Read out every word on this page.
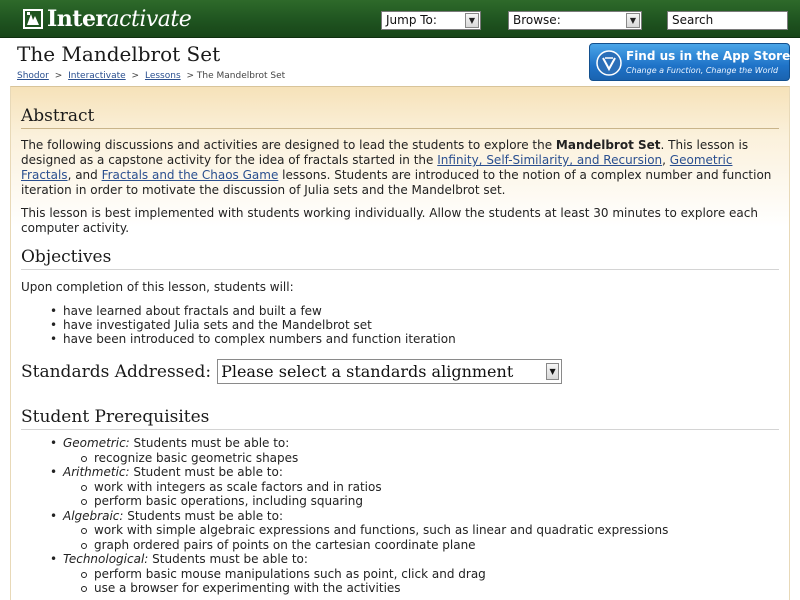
Interactivate	Jump To:	▼	Browse:	▼	Search
The Mandelbrot Set
Shodor > Interactivate > Lessons > The Mandelbrot Set
Find us in the App Store.
Change a Function, Change the World
Abstract

The following discussions and activities are designed to lead the students to explore the Mandelbrot Set. This lesson is designed as a capstone activity for the idea of fractals started in the Infinity, Self-Similarity, and Recursion, Geometric Fractals, and Fractals and the Chaos Game lessons. Students are introduced to the notion of a complex number and function iteration in order to motivate the discussion of Julia sets and the Mandelbrot set.

This lesson is best implemented with students working individually. Allow the students at least 30 minutes to explore each computer activity.

Objectives

Upon completion of this lesson, students will:

• have learned about fractals and built a few
• have investigated Julia sets and the Mandelbrot set
• have been introduced to complex numbers and function iteration
Standards Addressed: Please select a standards alignment	▼
Student Prerequisites
• Geometric: Students must be able to:
recognize basic geometric shapes
• Arithmetic: Student must be able to:
work with integers as scale factors and in ratios
perform basic operations, including squaring
• Algebraic: Students must be able to:
work with simple algebraic expressions and functions, such as linear and quadratic expressions
graph ordered pairs of points on the cartesian coordinate plane
• Technological: Students must be able to:
perform basic mouse manipulations such as point, click and drag
use a browser for experimenting with the activities
